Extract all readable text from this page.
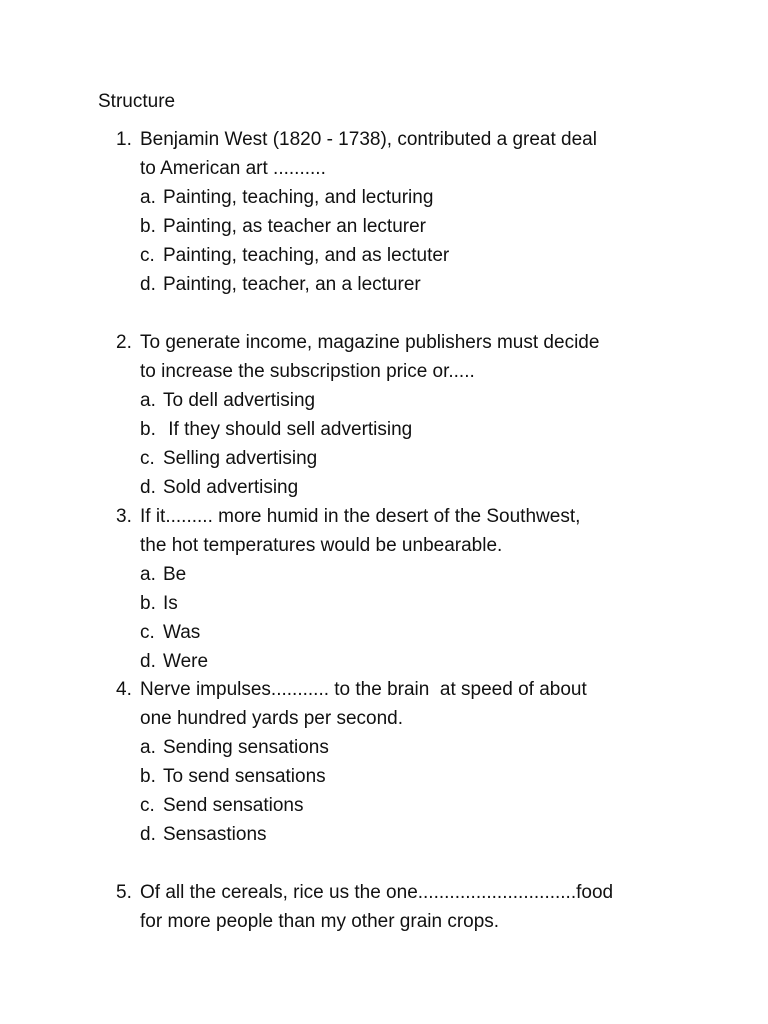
Structure
1. Benjamin West (1820 - 1738), contributed a great deal
to American art ..........
a. Painting, teaching, and lecturing
b. Painting, as teacher an lecturer
c. Painting, teaching, and as lectuter
d. Painting, teacher, an a lecturer
2. To generate income, magazine publishers must decide
to increase the subscripstion price or.....
a. To dell advertising
b. If they should sell advertising
c. Selling advertising
d. Sold advertising
3. If it......... more humid in the desert of the Southwest,
the hot temperatures would be unbearable.
a. Be
b. Is
c. Was
d. Were
4. Nerve impulses........... to the brain  at speed of about
one hundred yards per second.
a. Sending sensations
b. To send sensations
c. Send sensations
d. Sensastions
5. Of all the cereals, rice us the one..............................food
for more people than my other grain crops.
